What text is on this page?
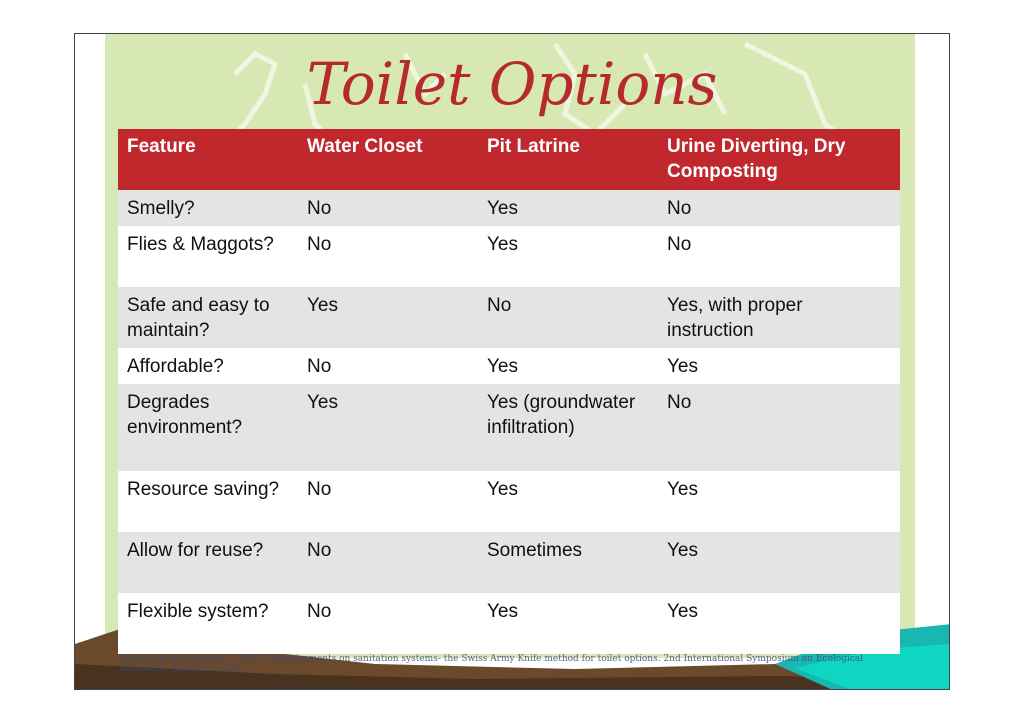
Toilet Options
Feature	Water Closet	Pit Latrine	Urine Diverting, Dry Composting
Smelly?	No	Yes	No
Flies & Maggots?	No	Yes	No
Safe and easy to maintain?	Yes	No	Yes, with proper instruction
Affordable?	No	Yes	Yes
Degrades environment?	Yes	Yes (groundwater infiltration)	No
Resource saving?	No	Yes	Yes
Allow for reuse?	No	Sometimes	Yes
Flexible system?	No	Yes	Yes
Adapted from Dorngan, J. (2003) Requirements on sanitation systems- the Swiss Army Knife method for toilet options. 2nd International Symposium on Ecological Sanitation. Eschborn: GTZ
